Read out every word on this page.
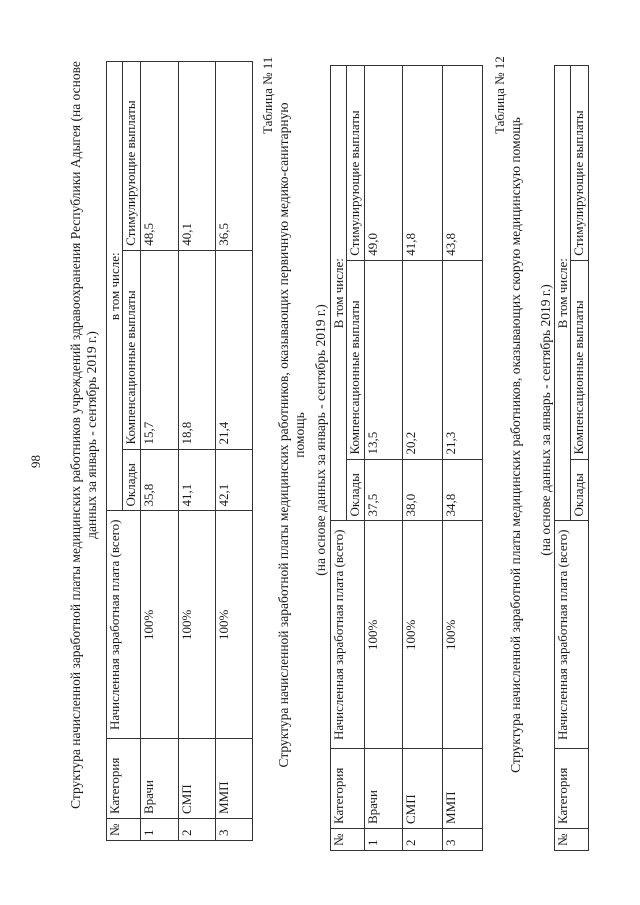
98 Структура начисленной заработной платы медицинских работников учреждений здравоохранения Республики Адыгея (на основе данных за январь - сентябрь 2019 г.)
№	Категория	Начисленная заработная плата (всего)	в том числе:		
			Оклады	Компенсационные выплаты	Стимулирующие выплаты
1	Врачи	100%	35,8	15,7	48,5
2	СМП	100%	41,1	18,8	40,1
3	ММП	100%	42,1	21,4	36,5
Таблица № 11
Структура начисленной заработной платы медицинских работников, оказывающих первичную медико-санитарную помощь (на основе данных за январь - сентябрь 2019 г.)
№	Категория	Начисленная заработная плата (всего)	В том числе:		
			Оклады	Компенсационные выплаты	Стимулирующие выплаты
1	Врачи	100%	37,5	13,5	49,0
2	СМП	100%	38,0	20,2	41,8
3	ММП	100%	34,8	21,3	43,8
Таблица № 12
Структура начисленной заработной платы медицинских работников, оказывающих скорую медицинскую помощь (на основе данных за январь - сентябрь 2019 г.)
№	Категория	Начисленная заработная плата (всего)	В том числе:		
			Оклады	Компенсационные выплаты	Стимулирующие выплаты
